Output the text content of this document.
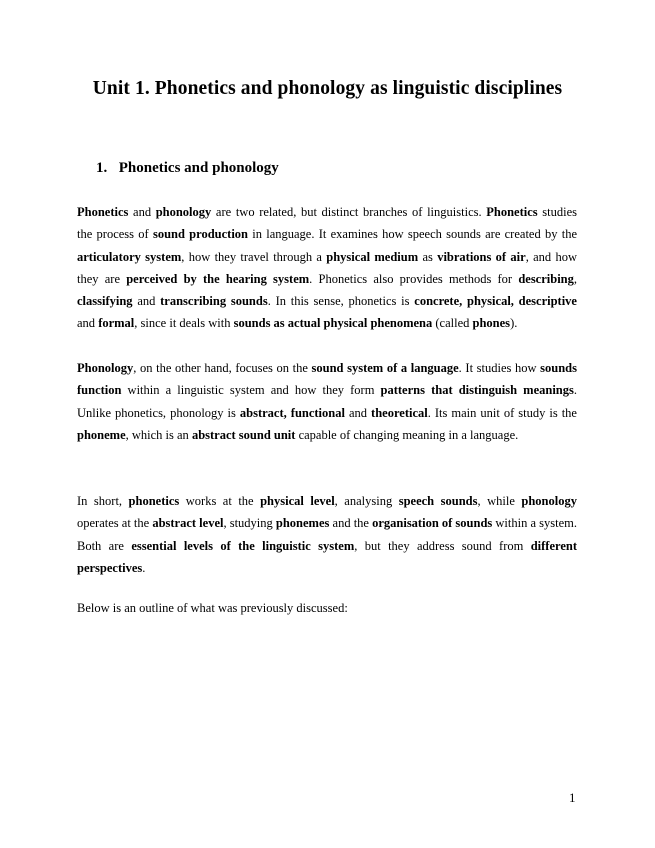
Unit 1. Phonetics and phonology as linguistic disciplines
1. Phonetics and phonology

Phonetics and phonology are two related, but distinct branches of linguistics. Phonetics studies the process of sound production in language. It examines how speech sounds are created by the articulatory system, how they travel through a physical medium as vibrations of air, and how they are perceived by the hearing system. Phonetics also provides methods for describing, classifying and transcribing sounds. In this sense, phonetics is concrete, physical, descriptive and formal, since it deals with sounds as actual physical phenomena (called phones).

Phonology, on the other hand, focuses on the sound system of a language. It studies how sounds function within a linguistic system and how they form patterns that distinguish meanings. Unlike phonetics, phonology is abstract, functional and theoretical. Its main unit of study is the phoneme, which is an abstract sound unit capable of changing meaning in a language.

In short, phonetics works at the physical level, analysing speech sounds, while phonology operates at the abstract level, studying phonemes and the organisation of sounds within a system. Both are essential levels of the linguistic system, but they address sound from different perspectives.

Below is an outline of what was previously discussed:

1
